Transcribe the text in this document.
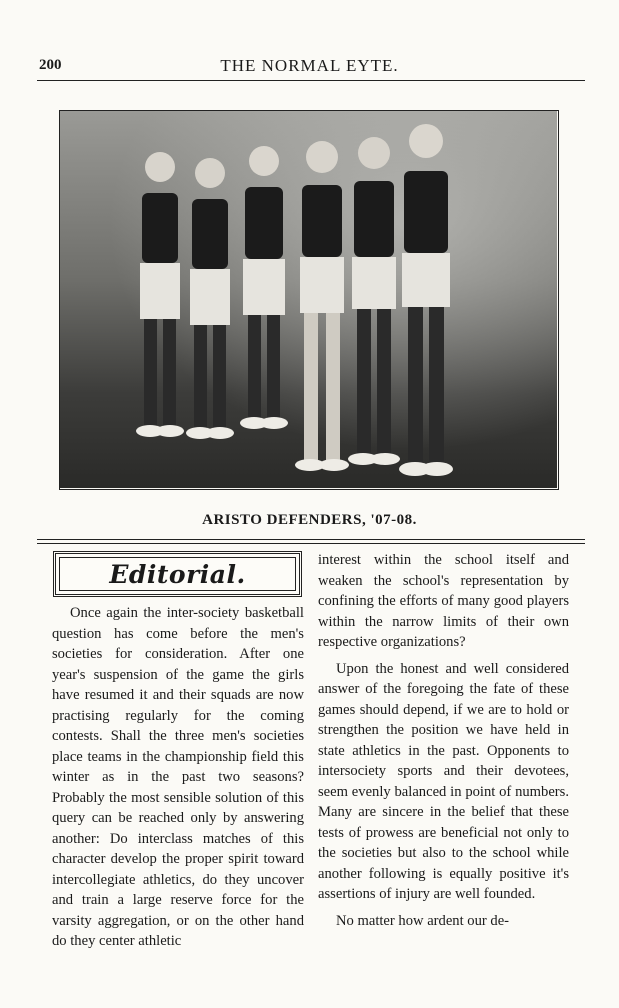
200	THE NORMAL EYTE.
ARISTO DEFENDERS, '07-08.
Editorial.

Once again the inter-society basketball question has come before the men's societies for consideration. After one year's suspension of the game the girls have resumed it and their squads are now practising regularly for the coming contests. Shall the three men's societies place teams in the championship field this winter as in the past two seasons? Probably the most sensible solution of this query can be reached only by answering another: Do interclass matches of this character develop the proper spirit toward intercollegiate athletics, do they uncover and train a large reserve force for the varsity aggregation, or on the other hand do they center athletic

interest within the school itself and weaken the school's representation by confining the efforts of many good players within the narrow limits of their own respective organizations?

Upon the honest and well considered answer of the foregoing the fate of these games should depend, if we are to hold or strengthen the position we have held in state athletics in the past. Opponents to intersociety sports and their devotees, seem evenly balanced in point of numbers. Many are sincere in the belief that these tests of prowess are beneficial not only to the societies but also to the school while another following is equally positive it's assertions of injury are well founded.

No matter how ardent our de-
